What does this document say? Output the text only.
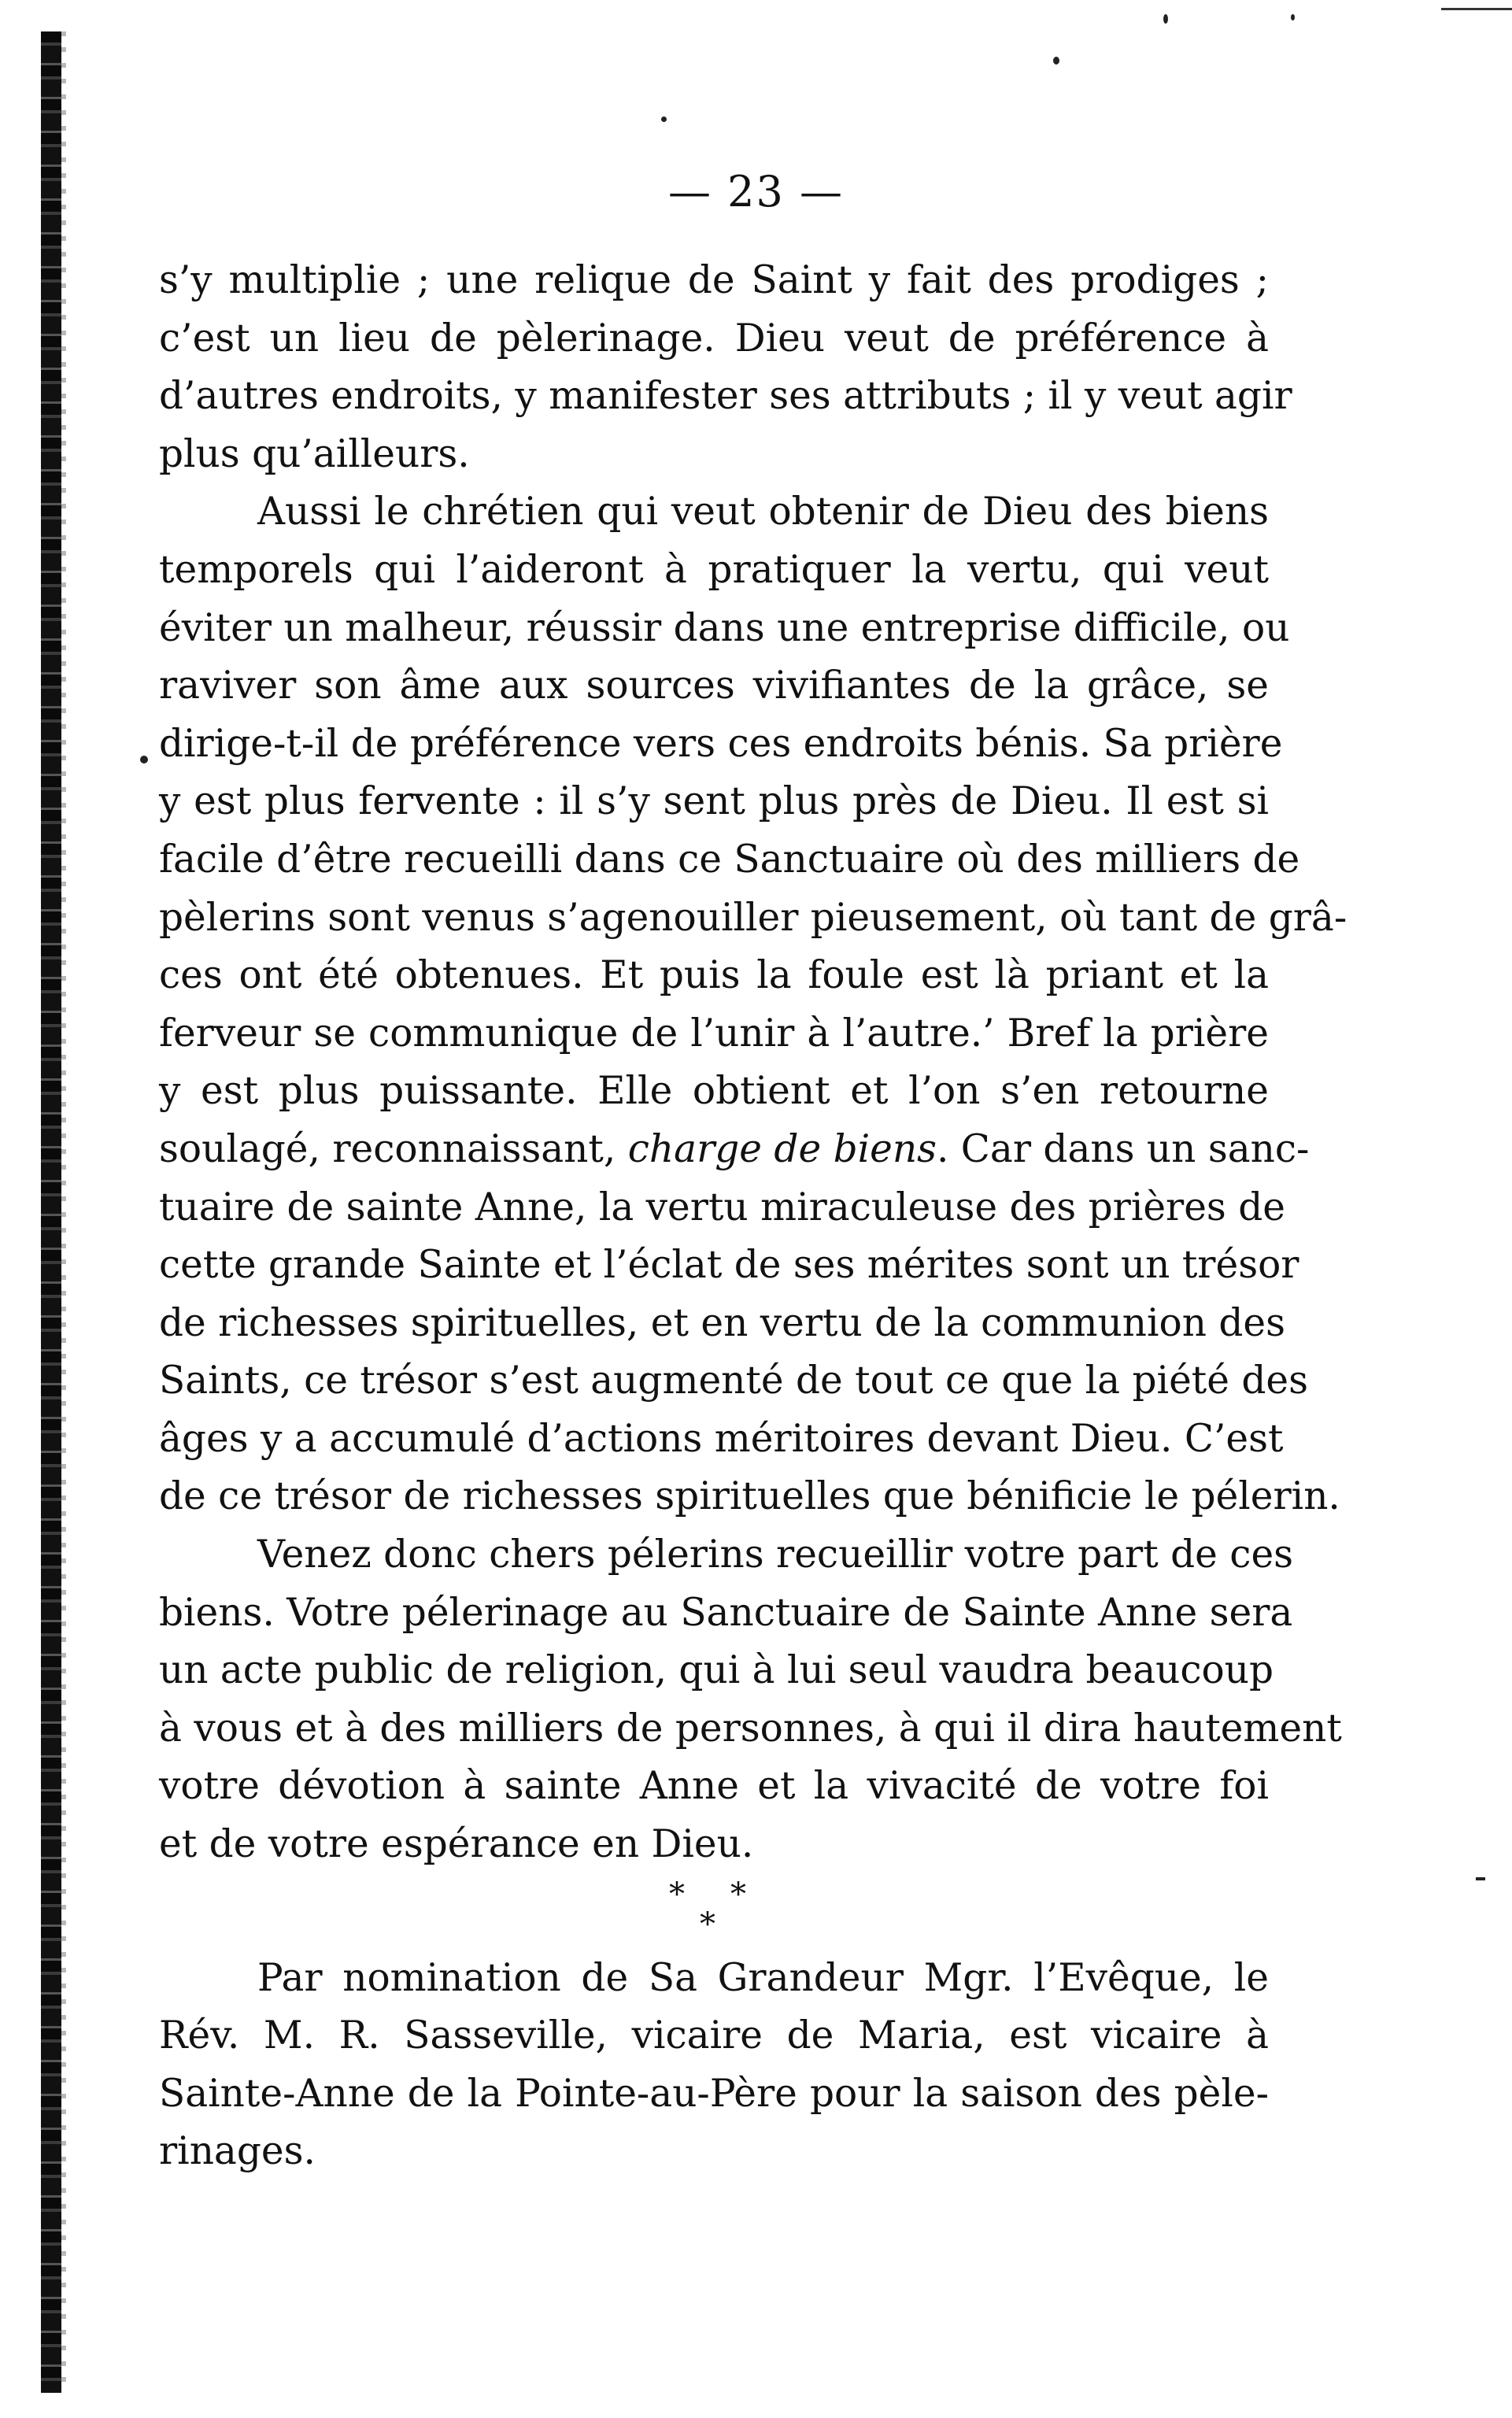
— 23 —
s’y multiplie ; une relique de Saint y fait des prodiges ;
c’est un lieu de pèlerinage. Dieu veut de préférence à
d’autres endroits, y manifester ses attributs ; il y veut agir
plus qu’ailleurs.
Aussi le chrétien qui veut obtenir de Dieu des biens
temporels qui l’aideront à pratiquer la vertu, qui veut
éviter un malheur, réussir dans une entreprise difficile, ou
raviver son âme aux sources vivifiantes de la grâce, se
dirige-t-il de préférence vers ces endroits bénis. Sa prière
y est plus fervente : il s’y sent plus près de Dieu. Il est si
facile d’être recueilli dans ce Sanctuaire où des milliers de
pèlerins sont venus s’agenouiller pieusement, où tant de grâ-
ces ont été obtenues. Et puis la foule est là priant et la
ferveur se communique de l’unir à l’autre.’ Bref la prière
y est plus puissante. Elle obtient et l’on s’en retourne
soulagé, reconnaissant, charge de biens. Car dans un sanc-
tuaire de sainte Anne, la vertu miraculeuse des prières de
cette grande Sainte et l’éclat de ses mérites sont un trésor
de richesses spirituelles, et en vertu de la communion des
Saints, ce trésor s’est augmenté de tout ce que la piété des
âges y a accumulé d’actions méritoires devant Dieu. C’est
de ce trésor de richesses spirituelles que bénificie le pélerin.
Venez donc chers pélerins recueillir votre part de ces
biens. Votre pélerinage au Sanctuaire de Sainte Anne sera
un acte public de religion, qui à lui seul vaudra beaucoup
à vous et à des milliers de personnes, à qui il dira hautement
votre dévotion à sainte Anne et la vivacité de votre foi
et de votre espérance en Dieu.
* *
*
Par nomination de Sa Grandeur Mgr. l’Evêque, le
Rév. M. R. Sasseville, vicaire de Maria, est vicaire à
Sainte-Anne de la Pointe-au-Père pour la saison des pèle-
rinages.
